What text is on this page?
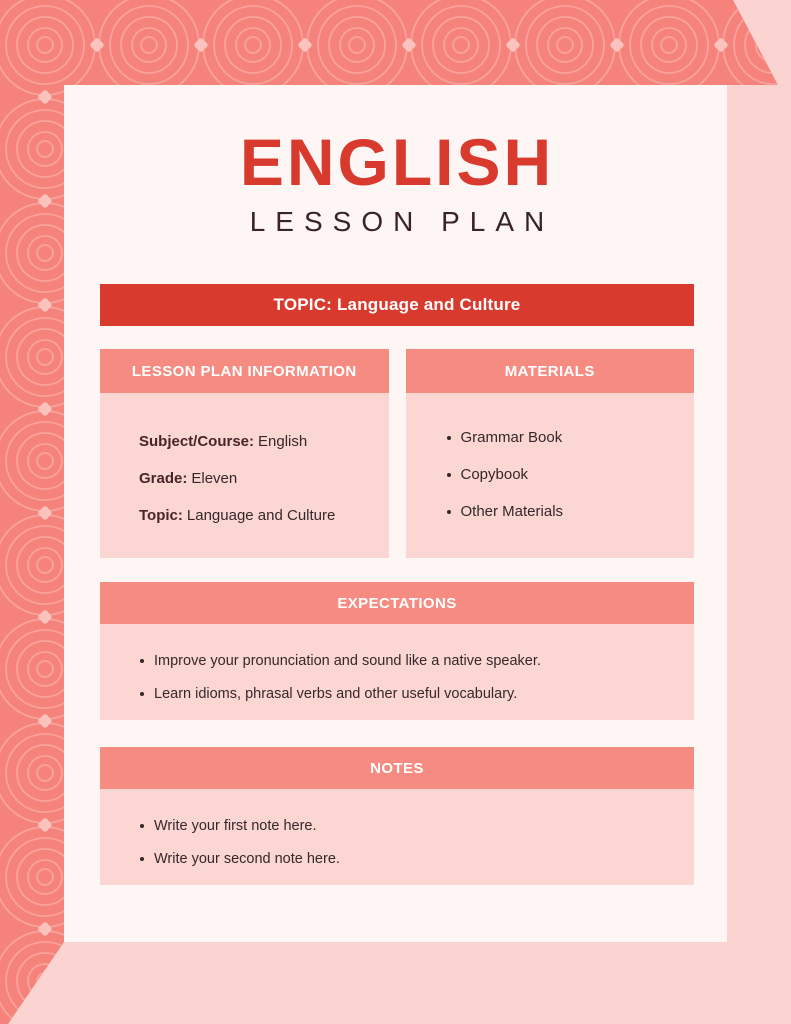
ENGLISH
LESSON PLAN
TOPIC: Language and Culture
LESSON PLAN INFORMATION
Subject/Course: English
Grade: Eleven
Topic: Language and Culture
MATERIALS
Grammar Book
Copybook
Other Materials
EXPECTATIONS
Improve your pronunciation and sound like a native speaker.
Learn idioms, phrasal verbs and other useful vocabulary.
NOTES
Write your first note here.
Write your second note here.
